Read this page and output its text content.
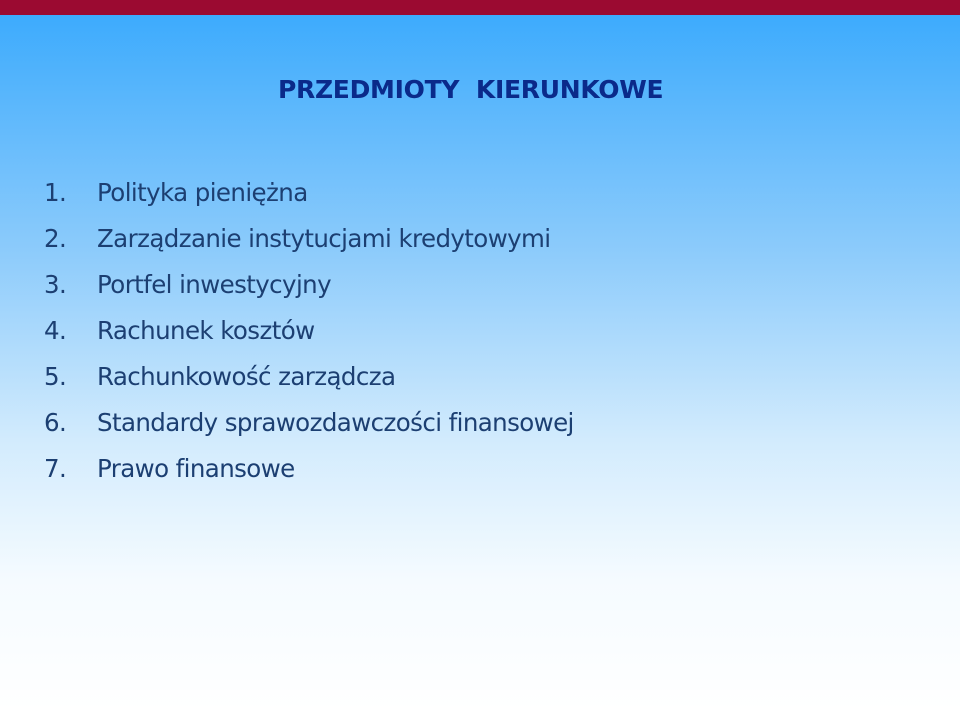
PRZEDMIOTY  KIERUNKOWE
1. Polityka pieniężna
2. Zarządzanie instytucjami kredytowymi
3. Portfel inwestycyjny
4. Rachunek kosztów
5. Rachunkowość zarządcza
6. Standardy sprawozdawczości finansowej
7. Prawo finansowe
